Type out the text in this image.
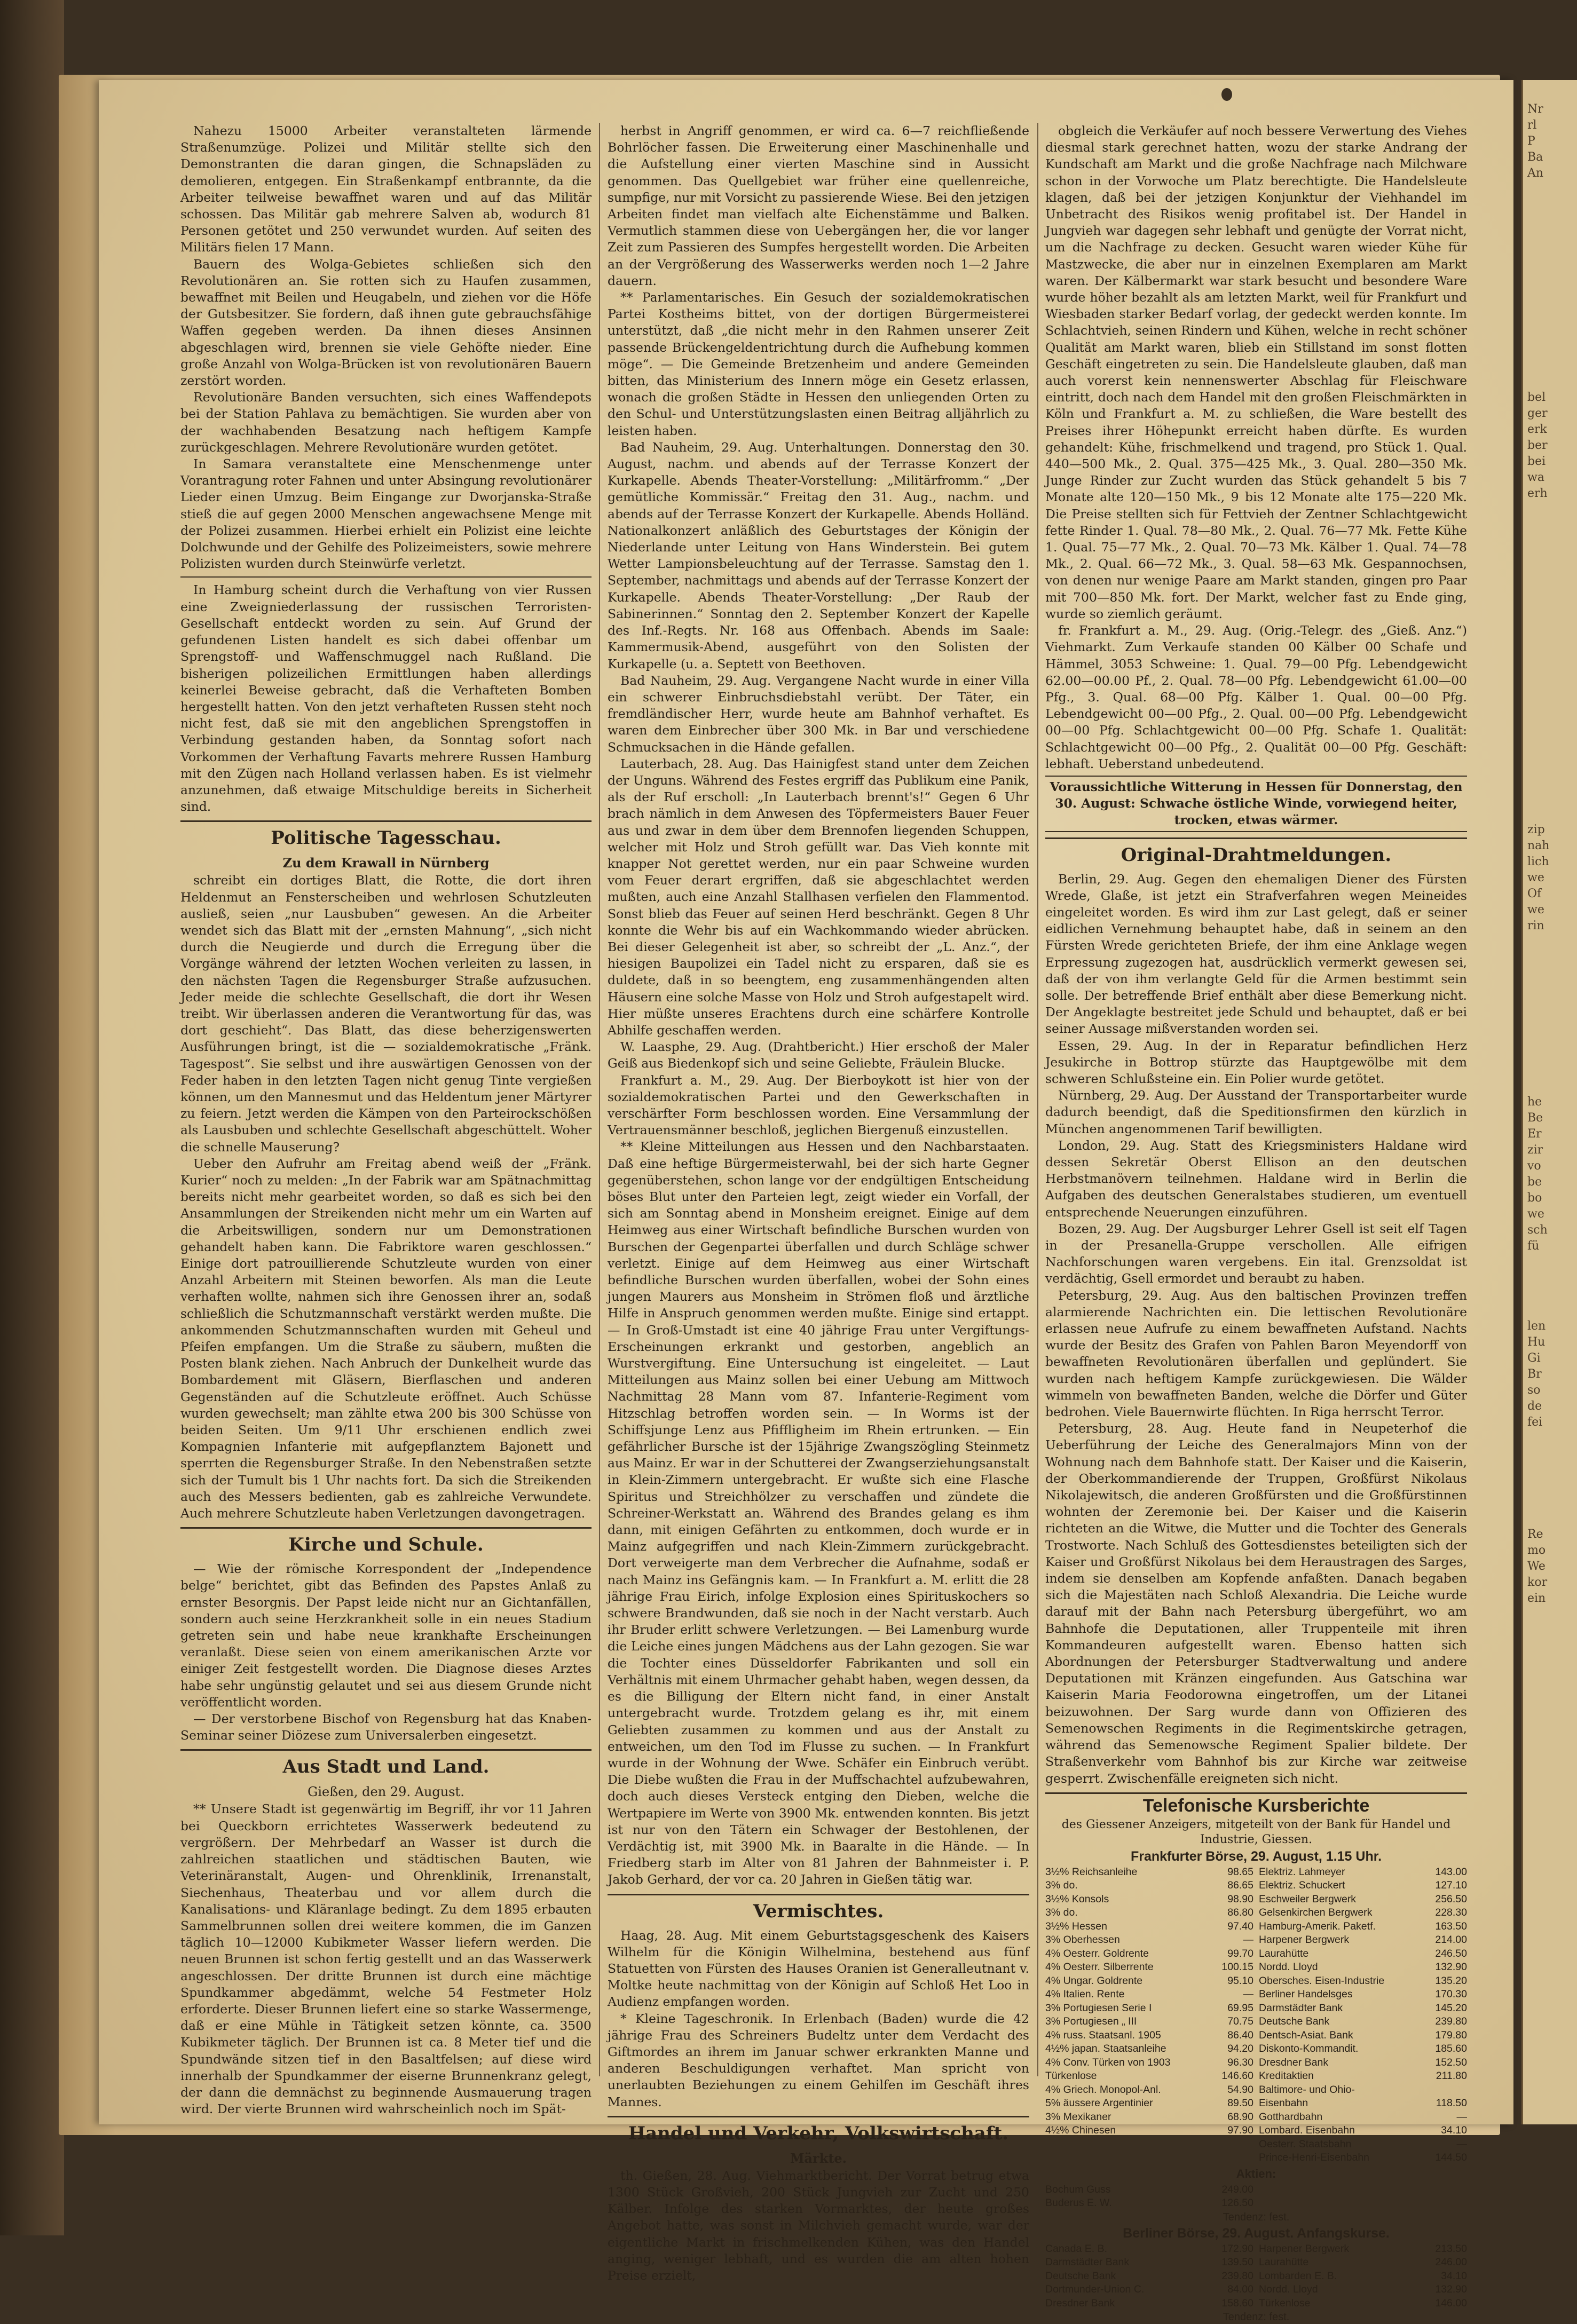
Nr
rl
P
Ba
An

bel
ger
erk
ber
bei
wa
erh

zip
nah
lich
we
Of
we
rin

he
Be
Er
zir
vo
be
bo
we
sch
fü

len
Hu
Gi
Br
so
de
fei

Re
mo
We
kor
ein

Nahezu 15000 Arbeiter veranstalteten lärmende Straßenumzüge. Polizei und Militär stellte sich den Demonstranten die daran gingen, die Schnapsläden zu demolieren, entgegen. Ein Straßenkampf entbrannte, da die Arbeiter teilweise bewaffnet waren und auf das Militär schossen. Das Militär gab mehrere Salven ab, wodurch 81 Personen getötet und 250 verwundet wurden. Auf seiten des Militärs fielen 17 Mann.

Bauern des Wolga-Gebietes schließen sich den Revolutionären an. Sie rotten sich zu Haufen zusammen, bewaffnet mit Beilen und Heugabeln, und ziehen vor die Höfe der Gutsbesitzer. Sie fordern, daß ihnen gute gebrauchsfähige Waffen gegeben werden. Da ihnen dieses Ansinnen abgeschlagen wird, brennen sie viele Gehöfte nieder. Eine große Anzahl von Wolga-Brücken ist von revolutionären Bauern zerstört worden.

Revolutionäre Banden versuchten, sich eines Waffendepots bei der Station Pahlava zu bemächtigen. Sie wurden aber von der wachhabenden Besatzung nach heftigem Kampfe zurückgeschlagen. Mehrere Revolutionäre wurden getötet.

In Samara veranstaltete eine Menschenmenge unter Vorantragung roter Fahnen und unter Absingung revolutionärer Lieder einen Umzug. Beim Eingange zur Dworjanska-Straße stieß die auf gegen 2000 Menschen angewachsene Menge mit der Polizei zusammen. Hierbei erhielt ein Polizist eine leichte Dolchwunde und der Gehilfe des Polizeimeisters, sowie mehrere Polizisten wurden durch Steinwürfe verletzt.

In Hamburg scheint durch die Verhaftung von vier Russen eine Zweigniederlassung der russischen Terroristen-Gesellschaft entdeckt worden zu sein. Auf Grund der gefundenen Listen handelt es sich dabei offenbar um Sprengstoff- und Waffenschmuggel nach Rußland. Die bisherigen polizeilichen Ermittlungen haben allerdings keinerlei Beweise gebracht, daß die Verhafteten Bomben hergestellt hatten. Von den jetzt verhafteten Russen steht noch nicht fest, daß sie mit den angeblichen Sprengstoffen in Verbindung gestanden haben, da Sonntag sofort nach Vorkommen der Verhaftung Favarts mehrere Russen Hamburg mit den Zügen nach Holland verlassen haben. Es ist vielmehr anzunehmen, daß etwaige Mitschuldige bereits in Sicherheit sind.

Politische Tagesschau.
Zu dem Krawall in Nürnberg

schreibt ein dortiges Blatt, die Rotte, die dort ihren Heldenmut an Fensterscheiben und wehrlosen Schutzleuten ausließ, seien „nur Lausbuben“ gewesen. An die Arbeiter wendet sich das Blatt mit der „ernsten Mahnung“, „sich nicht durch die Neugierde und durch die Erregung über die Vorgänge während der letzten Wochen verleiten zu lassen, in den nächsten Tagen die Regensburger Straße aufzusuchen. Jeder meide die schlechte Gesellschaft, die dort ihr Wesen treibt. Wir überlassen anderen die Verantwortung für das, was dort geschieht“. Das Blatt, das diese beherzigenswerten Ausführungen bringt, ist die — sozialdemokratische „Fränk. Tagespost“. Sie selbst und ihre auswärtigen Genossen von der Feder haben in den letzten Tagen nicht genug Tinte vergießen können, um den Mannesmut und das Heldentum jener Märtyrer zu feiern. Jetzt werden die Kämpen von den Parteirockschößen als Lausbuben und schlechte Gesellschaft abgeschüttelt. Woher die schnelle Mauserung?

Ueber den Aufruhr am Freitag abend weiß der „Fränk. Kurier“ noch zu melden: „In der Fabrik war am Spätnachmittag bereits nicht mehr gearbeitet worden, so daß es sich bei den Ansammlungen der Streikenden nicht mehr um ein Warten auf die Arbeitswilligen, sondern nur um Demonstrationen gehandelt haben kann. Die Fabriktore waren geschlossen.“ Einige dort patrouillierende Schutzleute wurden von einer Anzahl Arbeitern mit Steinen beworfen. Als man die Leute verhaften wollte, nahmen sich ihre Genossen ihrer an, sodaß schließlich die Schutzmannschaft verstärkt werden mußte. Die ankommenden Schutzmannschaften wurden mit Geheul und Pfeifen empfangen. Um die Straße zu säubern, mußten die Posten blank ziehen. Nach Anbruch der Dunkelheit wurde das Bombardement mit Gläsern, Bierflaschen und anderen Gegenständen auf die Schutzleute eröffnet. Auch Schüsse wurden gewechselt; man zählte etwa 200 bis 300 Schüsse von beiden Seiten. Um 9/11 Uhr erschienen endlich zwei Kompagnien Infanterie mit aufgepflanztem Bajonett und sperrten die Regensburger Straße. In den Nebenstraßen setzte sich der Tumult bis 1 Uhr nachts fort. Da sich die Streikenden auch des Messers bedienten, gab es zahlreiche Verwundete. Auch mehrere Schutzleute haben Verletzungen davongetragen.

Kirche und Schule.

— Wie der römische Korrespondent der „Independence belge“ berichtet, gibt das Befinden des Papstes Anlaß zu ernster Besorgnis. Der Papst leide nicht nur an Gichtanfällen, sondern auch seine Herzkrankheit solle in ein neues Stadium getreten sein und habe neue krankhafte Erscheinungen veranlaßt. Diese seien von einem amerikanischen Arzte vor einiger Zeit festgestellt worden. Die Diagnose dieses Arztes habe sehr ungünstig gelautet und sei aus diesem Grunde nicht veröffentlicht worden.

— Der verstorbene Bischof von Regensburg hat das Knaben-Seminar seiner Diözese zum Universalerben eingesetzt.

Aus Stadt und Land.
Gießen, den 29. August.

** Unsere Stadt ist gegenwärtig im Begriff, ihr vor 11 Jahren bei Queckborn errichtetes Wasserwerk bedeutend zu vergrößern. Der Mehrbedarf an Wasser ist durch die zahlreichen staatlichen und städtischen Bauten, wie Veterinäranstalt, Augen- und Ohrenklinik, Irrenanstalt, Siechenhaus, Theaterbau und vor allem durch die Kanalisations- und Kläranlage bedingt. Zu dem 1895 erbauten Sammelbrunnen sollen drei weitere kommen, die im Ganzen täglich 10—12000 Kubikmeter Wasser liefern werden. Die neuen Brunnen ist schon fertig gestellt und an das Wasserwerk angeschlossen. Der dritte Brunnen ist durch eine mächtige Spundkammer abgedämmt, welche 54 Festmeter Holz erforderte. Dieser Brunnen liefert eine so starke Wassermenge, daß er eine Mühle in Tätigkeit setzen könnte, ca. 3500 Kubikmeter täglich. Der Brunnen ist ca. 8 Meter tief und die Spundwände sitzen tief in den Basaltfelsen; auf diese wird innerhalb der Spundkammer der eiserne Brunnenkranz gelegt, der dann die demnächst zu beginnende Ausmauerung tragen wird. Der vierte Brunnen wird wahrscheinlich noch im Spät-

herbst in Angriff genommen, er wird ca. 6—7 reichfließende Bohrlöcher fassen. Die Erweiterung einer Maschinenhalle und die Aufstellung einer vierten Maschine sind in Aussicht genommen. Das Quellgebiet war früher eine quellenreiche, sumpfige, nur mit Vorsicht zu passierende Wiese. Bei den jetzigen Arbeiten findet man vielfach alte Eichenstämme und Balken. Vermutlich stammen diese von Uebergängen her, die vor langer Zeit zum Passieren des Sumpfes hergestellt worden. Die Arbeiten an der Vergrößerung des Wasserwerks werden noch 1—2 Jahre dauern.

** Parlamentarisches. Ein Gesuch der sozialdemokratischen Partei Kostheims bittet, von der dortigen Bürgermeisterei unterstützt, daß „die nicht mehr in den Rahmen unserer Zeit passende Brückengeldentrichtung durch die Aufhebung kommen möge“. — Die Gemeinde Bretzenheim und andere Gemeinden bitten, das Ministerium des Innern möge ein Gesetz erlassen, wonach die großen Städte in Hessen den unliegenden Orten zu den Schul- und Unterstützungslasten einen Beitrag alljährlich zu leisten haben.

Bad Nauheim, 29. Aug. Unterhaltungen. Donnerstag den 30. August, nachm. und abends auf der Terrasse Konzert der Kurkapelle. Abends Theater-Vorstellung: „Militärfromm.“ „Der gemütliche Kommissär.“ Freitag den 31. Aug., nachm. und abends auf der Terrasse Konzert der Kurkapelle. Abends Holländ. Nationalkonzert anläßlich des Geburtstages der Königin der Niederlande unter Leitung von Hans Winderstein. Bei gutem Wetter Lampionsbeleuchtung auf der Terrasse. Samstag den 1. September, nachmittags und abends auf der Terrasse Konzert der Kurkapelle. Abends Theater-Vorstellung: „Der Raub der Sabinerinnen.“ Sonntag den 2. September Konzert der Kapelle des Inf.-Regts. Nr. 168 aus Offenbach. Abends im Saale: Kammermusik-Abend, ausgeführt von den Solisten der Kurkapelle (u. a. Septett von Beethoven.

Bad Nauheim, 29. Aug. Vergangene Nacht wurde in einer Villa ein schwerer Einbruchsdiebstahl verübt. Der Täter, ein fremdländischer Herr, wurde heute am Bahnhof verhaftet. Es waren dem Einbrecher über 300 Mk. in Bar und verschiedene Schmucksachen in die Hände gefallen.

Lauterbach, 28. Aug. Das Hainigfest stand unter dem Zeichen der Unguns. Während des Festes ergriff das Publikum eine Panik, als der Ruf erscholl: „In Lauterbach brennt's!“ Gegen 6 Uhr brach nämlich in dem Anwesen des Töpfermeisters Bauer Feuer aus und zwar in dem über dem Brennofen liegenden Schuppen, welcher mit Holz und Stroh gefüllt war. Das Vieh konnte mit knapper Not gerettet werden, nur ein paar Schweine wurden vom Feuer derart ergriffen, daß sie abgeschlachtet werden mußten, auch eine Anzahl Stallhasen verfielen den Flammentod. Sonst blieb das Feuer auf seinen Herd beschränkt. Gegen 8 Uhr konnte die Wehr bis auf ein Wachkommando wieder abrücken. Bei dieser Gelegenheit ist aber, so schreibt der „L. Anz.“, der hiesigen Baupolizei ein Tadel nicht zu ersparen, daß sie es duldete, daß in so beengtem, eng zusammenhängenden alten Häusern eine solche Masse von Holz und Stroh aufgestapelt wird. Hier müßte unseres Erachtens durch eine schärfere Kontrolle Abhilfe geschaffen werden.

W. Laasphe, 29. Aug. (Drahtbericht.) Hier erschoß der Maler Geiß aus Biedenkopf sich und seine Geliebte, Fräulein Blucke.

Frankfurt a. M., 29. Aug. Der Bierboykott ist hier von der sozialdemokratischen Partei und den Gewerkschaften in verschärfter Form beschlossen worden. Eine Versammlung der Vertrauensmänner beschloß, jeglichen Biergenuß einzustellen.

** Kleine Mitteilungen aus Hessen und den Nachbarstaaten. Daß eine heftige Bürgermeisterwahl, bei der sich harte Gegner gegenüberstehen, schon lange vor der endgültigen Entscheidung böses Blut unter den Parteien legt, zeigt wieder ein Vorfall, der sich am Sonntag abend in Monsheim ereignet. Einige auf dem Heimweg aus einer Wirtschaft befindliche Burschen wurden von Burschen der Gegenpartei überfallen und durch Schläge schwer verletzt. Einige auf dem Heimweg aus einer Wirtschaft befindliche Burschen wurden überfallen, wobei der Sohn eines jungen Maurers aus Monsheim in Strömen floß und ärztliche Hilfe in Anspruch genommen werden mußte. Einige sind ertappt. — In Groß-Umstadt ist eine 40 jährige Frau unter Vergiftungs-Erscheinungen erkrankt und gestorben, angeblich an Wurstvergiftung. Eine Untersuchung ist eingeleitet. — Laut Mitteilungen aus Mainz sollen bei einer Uebung am Mittwoch Nachmittag 28 Mann vom 87. Infanterie-Regiment vom Hitzschlag betroffen worden sein. — In Worms ist der Schiffsjunge Lenz aus Pfiffligheim im Rhein ertrunken. — Ein gefährlicher Bursche ist der 15jährige Zwangszögling Steinmetz aus Mainz. Er war in der Schutterei der Zwangserziehungsanstalt in Klein-Zimmern untergebracht. Er wußte sich eine Flasche Spiritus und Streichhölzer zu verschaffen und zündete die Schreiner-Werkstatt an. Während des Brandes gelang es ihm dann, mit einigen Gefährten zu entkommen, doch wurde er in Mainz aufgegriffen und nach Klein-Zimmern zurückgebracht. Dort verweigerte man dem Verbrecher die Aufnahme, sodaß er nach Mainz ins Gefängnis kam. — In Frankfurt a. M. erlitt die 28 jährige Frau Eirich, infolge Explosion eines Spirituskochers so schwere Brandwunden, daß sie noch in der Nacht verstarb. Auch ihr Bruder erlitt schwere Verletzungen. — Bei Lamenburg wurde die Leiche eines jungen Mädchens aus der Lahn gezogen. Sie war die Tochter eines Düsseldorfer Fabrikanten und soll ein Verhältnis mit einem Uhrmacher gehabt haben, wegen dessen, da es die Billigung der Eltern nicht fand, in einer Anstalt untergebracht wurde. Trotzdem gelang es ihr, mit einem Geliebten zusammen zu kommen und aus der Anstalt zu entweichen, um den Tod im Flusse zu suchen. — In Frankfurt wurde in der Wohnung der Wwe. Schäfer ein Einbruch verübt. Die Diebe wußten die Frau in der Muffschachtel aufzubewahren, doch auch dieses Versteck entging den Dieben, welche die Wertpapiere im Werte von 3900 Mk. entwenden konnten. Bis jetzt ist nur von den Tätern ein Schwager der Bestohlenen, der Verdächtig ist, mit 3900 Mk. in Baaralte in die Hände. — In Friedberg starb im Alter von 81 Jahren der Bahnmeister i. P. Jakob Gerhard, der vor ca. 20 Jahren in Gießen tätig war.

Vermischtes.

Haag, 28. Aug. Mit einem Geburtstagsgeschenk des Kaisers Wilhelm für die Königin Wilhelmina, bestehend aus fünf Statuetten von Fürsten des Hauses Oranien ist Generalleutnant v. Moltke heute nachmittag von der Königin auf Schloß Het Loo in Audienz empfangen worden.

* Kleine Tageschronik. In Erlenbach (Baden) wurde die 42 jährige Frau des Schreiners Budeltz unter dem Verdacht des Giftmordes an ihrem im Januar schwer erkrankten Manne und anderen Beschuldigungen verhaftet. Man spricht von unerlaubten Beziehungen zu einem Gehilfen im Geschäft ihres Mannes.

Handel und Verkehr, Volkswirtschaft.
Märkte.

th. Gießen, 28. Aug. Viehmarktbericht. Der Vorrat betrug etwa 1300 Stück Großvieh, 200 Stück Jungvieh zur Zucht und 250 Kälber. Infolge des starken Vormarktes, der heute großes Angebot hatte, was sonst in Milchvieh gemacht wurde, war der eigentliche Markt in frischmelkenden Kühen, was den Handel anging, weniger lebhaft, und es wurden die am alten hohen Preise erzielt,

obgleich die Verkäufer auf noch bessere Verwertung des Viehes diesmal stark gerechnet hatten, wozu der starke Andrang der Kundschaft am Markt und die große Nachfrage nach Milchware schon in der Vorwoche um Platz berechtigte. Die Handelsleute klagen, daß bei der jetzigen Konjunktur der Viehhandel im Unbetracht des Risikos wenig profitabel ist. Der Handel in Jungvieh war dagegen sehr lebhaft und genügte der Vorrat nicht, um die Nachfrage zu decken. Gesucht waren wieder Kühe für Mastzwecke, die aber nur in einzelnen Exemplaren am Markt waren. Der Kälbermarkt war stark besucht und besondere Ware wurde höher bezahlt als am letzten Markt, weil für Frankfurt und Wiesbaden starker Bedarf vorlag, der gedeckt werden konnte. Im Schlachtvieh, seinen Rindern und Kühen, welche in recht schöner Qualität am Markt waren, blieb ein Stillstand im sonst flotten Geschäft eingetreten zu sein. Die Handelsleute glauben, daß man auch vorerst kein nennenswerter Abschlag für Fleischware eintritt, doch nach dem Handel mit den großen Fleischmärkten in Köln und Frankfurt a. M. zu schließen, die Ware bestellt des Preises ihrer Höhepunkt erreicht haben dürfte. Es wurden gehandelt: Kühe, frischmelkend und tragend, pro Stück 1. Qual. 440—500 Mk., 2. Qual. 375—425 Mk., 3. Qual. 280—350 Mk. Junge Rinder zur Zucht wurden das Stück gehandelt 5 bis 7 Monate alte 120—150 Mk., 9 bis 12 Monate alte 175—220 Mk. Die Preise stellten sich für Fettvieh der Zentner Schlachtgewicht fette Rinder 1. Qual. 78—80 Mk., 2. Qual. 76—77 Mk. Fette Kühe 1. Qual. 75—77 Mk., 2. Qual. 70—73 Mk. Kälber 1. Qual. 74—78 Mk., 2. Qual. 66—72 Mk., 3. Qual. 58—63 Mk. Gespannochsen, von denen nur wenige Paare am Markt standen, gingen pro Paar mit 700—850 Mk. fort. Der Markt, welcher fast zu Ende ging, wurde so ziemlich geräumt.

fr. Frankfurt a. M., 29. Aug. (Orig.-Telegr. des „Gieß. Anz.“) Viehmarkt. Zum Verkaufe standen 00 Kälber 00 Schafe und Hämmel, 3053 Schweine: 1. Qual. 79—00 Pfg. Lebendgewicht 62.00—00.00 Pf., 2. Qual. 78—00 Pfg. Lebendgewicht 61.00—00 Pfg., 3. Qual. 68—00 Pfg. Kälber 1. Qual. 00—00 Pfg. Lebendgewicht 00—00 Pfg., 2. Qual. 00—00 Pfg. Lebendgewicht 00—00 Pfg. Schlachtgewicht 00—00 Pfg. Schafe 1. Qualität: Schlachtgewicht 00—00 Pfg., 2. Qualität 00—00 Pfg. Geschäft: lebhaft. Ueberstand unbedeutend.

Voraussichtliche Witterung in Hessen für Donnerstag, den 30. August: Schwache östliche Winde, vorwiegend heiter, trocken, etwas wärmer.
Original-Drahtmeldungen.

Berlin, 29. Aug. Gegen den ehemaligen Diener des Fürsten Wrede, Glaße, ist jetzt ein Strafverfahren wegen Meineides eingeleitet worden. Es wird ihm zur Last gelegt, daß er seiner eidlichen Vernehmung behauptet habe, daß in seinem an den Fürsten Wrede gerichteten Briefe, der ihm eine Anklage wegen Erpressung zugezogen hat, ausdrücklich vermerkt gewesen sei, daß der von ihm verlangte Geld für die Armen bestimmt sein solle. Der betreffende Brief enthält aber diese Bemerkung nicht. Der Angeklagte bestreitet jede Schuld und behauptet, daß er bei seiner Aussage mißverstanden worden sei.

Essen, 29. Aug. In der in Reparatur befindlichen Herz Jesukirche in Bottrop stürzte das Hauptgewölbe mit dem schweren Schlußsteine ein. Ein Polier wurde getötet.

Nürnberg, 29. Aug. Der Ausstand der Transportarbeiter wurde dadurch beendigt, daß die Speditionsfirmen den kürzlich in München angenommenen Tarif bewilligten.

London, 29. Aug. Statt des Kriegsministers Haldane wird dessen Sekretär Oberst Ellison an den deutschen Herbstmanövern teilnehmen. Haldane wird in Berlin die Aufgaben des deutschen Generalstabes studieren, um eventuell entsprechende Neuerungen einzuführen.

Bozen, 29. Aug. Der Augsburger Lehrer Gsell ist seit elf Tagen in der Presanella-Gruppe verschollen. Alle eifrigen Nachforschungen waren vergebens. Ein ital. Grenzsoldat ist verdächtig, Gsell ermordet und beraubt zu haben.

Petersburg, 29. Aug. Aus den baltischen Provinzen treffen alarmierende Nachrichten ein. Die lettischen Revolutionäre erlassen neue Aufrufe zu einem bewaffneten Aufstand. Nachts wurde der Besitz des Grafen von Pahlen Baron Meyendorff von bewaffneten Revolutionären überfallen und geplündert. Sie wurden nach heftigem Kampfe zurückgewiesen. Die Wälder wimmeln von bewaffneten Banden, welche die Dörfer und Güter bedrohen. Viele Bauernwirte flüchten. In Riga herrscht Terror.

Petersburg, 28. Aug. Heute fand in Neupeterhof die Ueberführung der Leiche des Generalmajors Minn von der Wohnung nach dem Bahnhofe statt. Der Kaiser und die Kaiserin, der Oberkommandierende der Truppen, Großfürst Nikolaus Nikolajewitsch, die anderen Großfürsten und die Großfürstinnen wohnten der Zeremonie bei. Der Kaiser und die Kaiserin richteten an die Witwe, die Mutter und die Tochter des Generals Trostworte. Nach Schluß des Gottesdienstes beteiligten sich der Kaiser und Großfürst Nikolaus bei dem Heraustragen des Sarges, indem sie denselben am Kopfende anfaßten. Danach begaben sich die Majestäten nach Schloß Alexandria. Die Leiche wurde darauf mit der Bahn nach Petersburg übergeführt, wo am Bahnhofe die Deputationen, aller Truppenteile mit ihren Kommandeuren aufgestellt waren. Ebenso hatten sich Abordnungen der Petersburger Stadtverwaltung und andere Deputationen mit Kränzen eingefunden. Aus Gatschina war Kaiserin Maria Feodorowna eingetroffen, um der Litanei beizuwohnen. Der Sarg wurde dann von Offizieren des Semenowschen Regiments in die Regimentskirche getragen, während das Semenowsche Regiment Spalier bildete. Der Straßenverkehr vom Bahnhof bis zur Kirche war zeitweise gesperrt. Zwischenfälle ereigneten sich nicht.

Telefonische Kursberichte
des Giessener Anzeigers, mitgeteilt von der Bank für Handel und Industrie, Giessen.
Frankfurter Börse, 29. August, 1.15 Uhr.
3½% Reichsanleihe	98.65
3% do.	86.65
3½% Konsols	98.90
3% do.	86.80
3½% Hessen	97.40
3% Oberhessen	—
4% Oesterr. Goldrente	99.70
4% Oesterr. Silberrente	100.15
4% Ungar. Goldrente	95.10
4% Italien. Rente	—
3% Portugiesen Serie I	69.95
3% Portugiesen „ III	70.75
4% russ. Staatsanl. 1905	86.40
4½% japan. Staatsanleihe	94.20
4% Conv. Türken von 1903	96.30
Türkenlose	146.60
4% Griech. Monopol-Anl.	54.90
5% äussere Argentinier	89.50
3% Mexikaner	68.90
4½% Chinesen	97.90
Elektriz. Lahmeyer	143.00
Elektriz. Schuckert	127.10
Eschweiler Bergwerk	256.50
Gelsenkirchen Bergwerk	228.30
Hamburg-Amerik. Paketf.	163.50
Harpener Bergwerk	214.00
Laurahütte	246.50
Nordd. Lloyd	132.90
Obersches. Eisen-Industrie	135.20
Berliner Handelsges	170.30
Darmstädter Bank	145.20
Deutsche Bank	239.80
Dentsch-Asiat. Bank	179.80
Diskonto-Kommandit.	185.60
Dresdner Bank	152.50
Kreditaktien	211.80
Baltimore- und Ohio-
Eisenbahn	118.50
Gotthardbahn	—
Lombard. Eisenbahn	34.10
Oesterr. Staatsbahn	—
Prince-Henri-Eisenbahn	144.50
Aktien:
Bochum Guss	249.00
Buderus E. W.	126.50
Tendenz: fest.
Berliner Börse, 29. August. Anfangskurse.
Canada E. B.	172.90
Darmstädter Bank	139.50
Deutsche Bank	239.80
Dortmunder-Union C.	84.00
Dresdner Bank	158.60
Harpener Bergwerk	213.50
Laurahütte	246.00
Lombarden E. B.	34.10
Nordd. Lloyd	132.90
Türkenlose	146.00
Tendenz: fest.
